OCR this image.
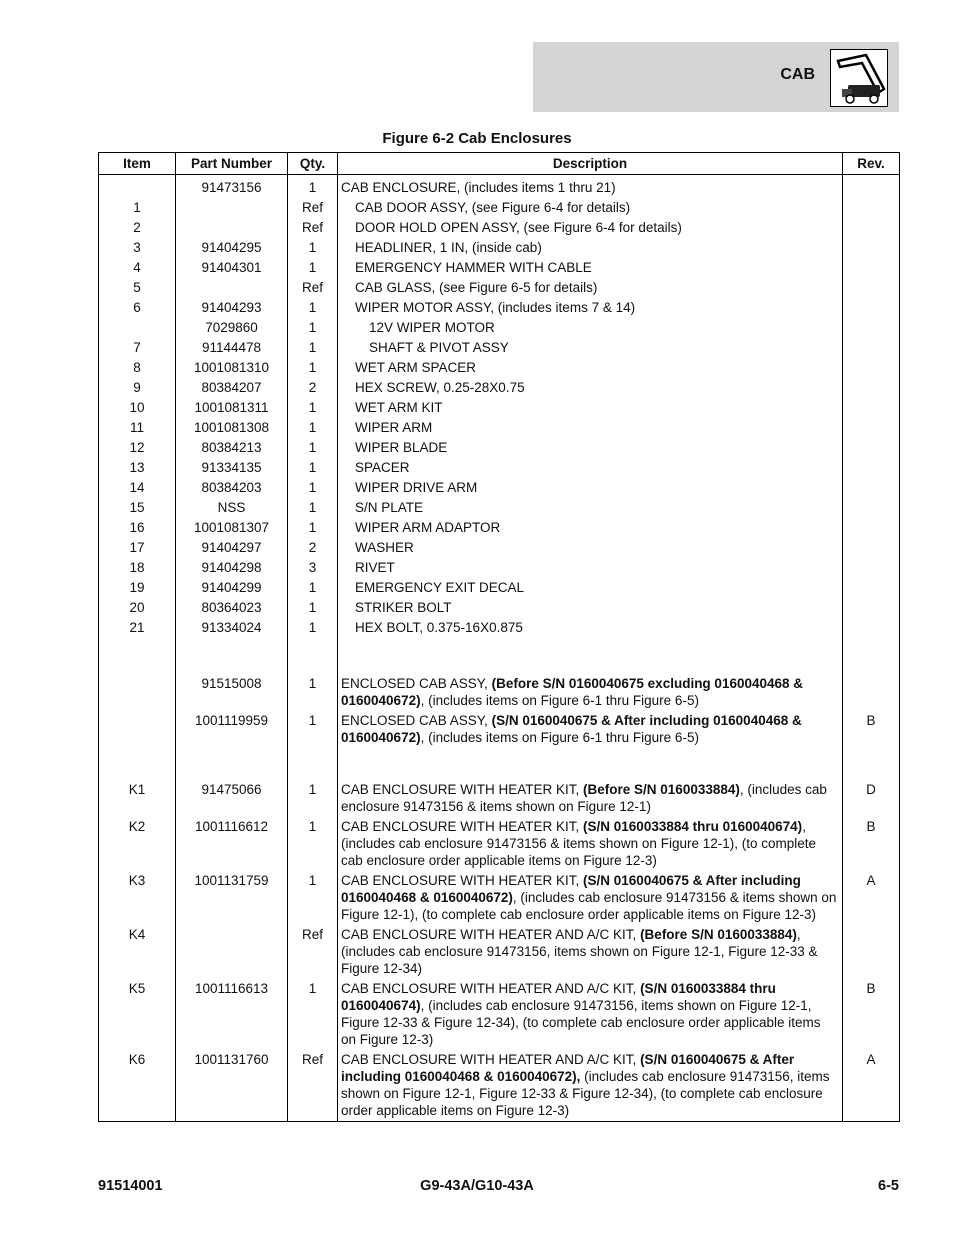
CAB
Figure 6-2 Cab Enclosures
Item	Part Number	Qty.	Description	Rev.
	91473156	1	CAB ENCLOSURE, (includes items 1 thru 21)	
1		Ref	CAB DOOR ASSY, (see Figure 6-4 for details)	

2		Ref	DOOR HOLD OPEN ASSY, (see Figure 6-4 for details)	

3	91404295	1	HEADLINER, 1 IN, (inside cab)	

4	91404301	1	EMERGENCY HAMMER WITH CABLE	

5		Ref	CAB GLASS, (see Figure 6-5 for details)	

6	91404293	1	WIPER MOTOR ASSY, (includes items 7 & 14)	

	7029860	1	12V WIPER MOTOR	

7	91144478	1	SHAFT & PIVOT ASSY	

8	1001081310	1	WET ARM SPACER	

9	80384207	2	HEX SCREW, 0.25-28X0.75	

10	1001081311	1	WET ARM KIT	

11	1001081308	1	WIPER ARM	

12	80384213	1	WIPER BLADE	

13	91334135	1	SPACER	

14	80384203	1	WIPER DRIVE ARM	

15	NSS	1	S/N PLATE	

16	1001081307	1	WIPER ARM ADAPTOR	

17	91404297	2	WASHER	

18	91404298	3	RIVET	

19	91404299	1	EMERGENCY EXIT DECAL	

20	80364023	1	STRIKER BOLT	

21	91334024	1	HEX BOLT, 0.375-16X0.875	

	91515008	1	ENCLOSED CAB ASSY, (Before S/N 0160040675 excluding 0160040468 & 0160040672), (includes items on Figure 6-1 thru Figure 6-5)	
	1001119959	1	ENCLOSED CAB ASSY, (S/N 0160040675 & After including 0160040468 & 0160040672), (includes items on Figure 6-1 thru Figure 6-5)	B

K1	91475066	1	CAB ENCLOSURE WITH HEATER KIT, (Before S/N 0160033884), (includes cab enclosure 91473156 & items shown on Figure 12-1)	D
K2	1001116612	1	CAB ENCLOSURE WITH HEATER KIT, (S/N 0160033884 thru 0160040674), (includes cab enclosure 91473156 & items shown on Figure 12-1), (to complete cab enclosure order applicable items on Figure 12-3)	B
K3	1001131759	1	CAB ENCLOSURE WITH HEATER KIT, (S/N 0160040675 & After including 0160040468 & 0160040672), (includes cab enclosure 91473156 & items shown on Figure 12-1), (to complete cab enclosure order applicable items on Figure 12-3)	A
K4		Ref	CAB ENCLOSURE WITH HEATER AND A/C KIT, (Before S/N 0160033884), (includes cab enclosure 91473156, items shown on Figure 12-1, Figure 12-33 & Figure 12-34)	
K5	1001116613	1	CAB ENCLOSURE WITH HEATER AND A/C KIT, (S/N 0160033884 thru 0160040674), (includes cab enclosure 91473156, items shown on Figure 12-1, Figure 12-33 & Figure 12-34), (to complete cab enclosure order applicable items on Figure 12-3)	B
K6	1001131760	Ref	CAB ENCLOSURE WITH HEATER AND A/C KIT, (S/N 0160040675 & After including 0160040468 & 0160040672), (includes cab enclosure 91473156, items shown on Figure 12-1, Figure 12-33 & Figure 12-34), (to complete cab enclosure order applicable items on Figure 12-3)	A
91514001	G9-43A/G10-43A	6-5
